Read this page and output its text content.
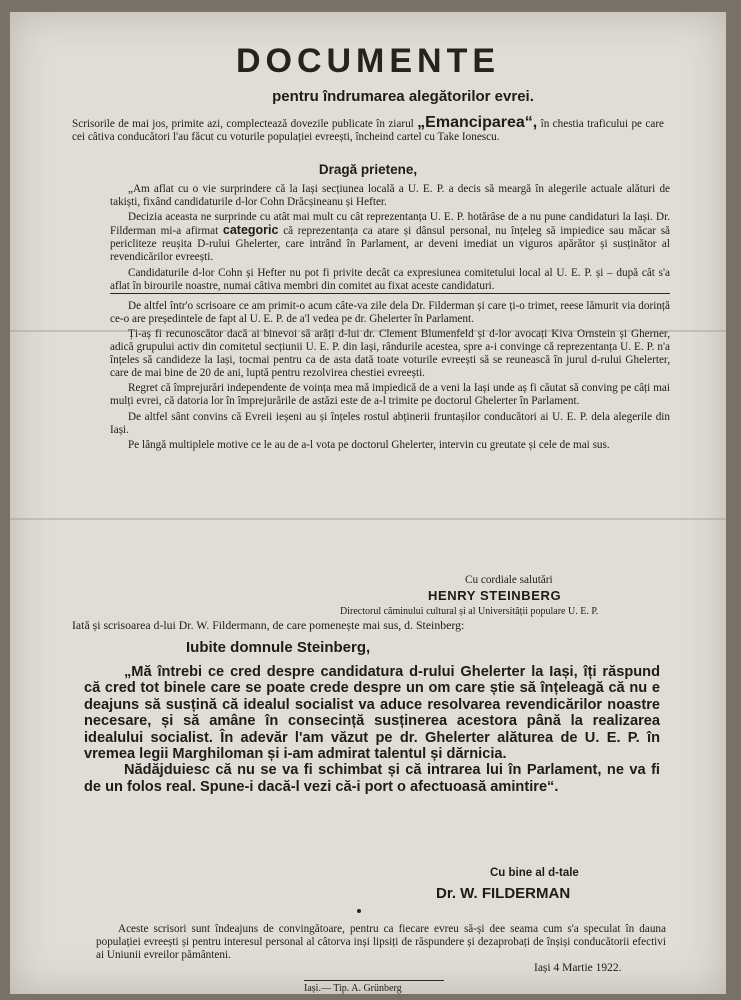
DOCUMENTE
pentru îndrumarea alegătorilor evrei.

Scrisorile de mai jos, primite azi, complectează dovezile publicate în ziarul „Emanciparea“, în chestia traficului pe care cei câtiva conducători l'au făcut cu voturile populației evreești, încheind cartel cu Take Ionescu.

Dragă prietene,

„Am aflat cu o vie surprindere că la Iași secțiunea locală a U. E. P. a decis să meargă în alegerile actuale alături de takiști, fixând candidaturile d-lor Cohn Drăcșineanu și Hefter.

Decizia aceasta ne surprinde cu atât mai mult cu cât reprezentanța U. E. P. hotărâse de a nu pune candidaturi la Iași. Dr. Filderman mi-a afirmat categoric că reprezentanța ca atare și dânsul personal, nu înțeleg să impiedice sau măcar să pericliteze reușita D-rului Ghelerter, care intrând în Parlament, ar deveni imediat un viguros apărător și susținător al revendicărilor evreești.

Candidaturile d-lor Cohn și Hefter nu pot fi privite decât ca expresiunea comitetului local al U. E. P. și – după cât s'a aflat în birourile noastre, numai câtiva membri din comitet au fixat aceste candidaturi.

De altfel într'o scrisoare ce am primit-o acum câte-va zile dela Dr. Filderman și care ți-o trimet, reese lămurit via dorință ce-o are președintele de fapt al U. E. P. de a'l vedea pe dr. Ghelerter în Parlament.

Ți-aș fi recunoscător dacă ai binevoi să arăți d-lui dr. Clement Blumenfeld și d-lor avocați Kiva Ornstein și Gherner, adică grupului activ din comitetul secțiunii U. E. P. din Iași, rândurile acestea, spre a-i convinge că reprezentanța U. E. P. n'a înțeles să candideze la Iași, tocmai pentru ca de asta dată toate voturile evreești să se reunească în jurul d-rului Ghelerter, care de mai bine de 20 de ani, luptă pentru rezolvirea chestiei evreești.

Regret că împrejurări independente de voința mea mă impiedică de a veni la Iași unde aș fi căutat să conving pe câți mai mulți evrei, că datoria lor în împrejurările de astăzi este de a-l trimite pe doctorul Ghelerter în Parlament.

De altfel sânt convins că Evreii ieșeni au și înțeles rostul abținerii fruntașilor conducători ai U. E. P. dela alegerile din Iași.

Pe lângă multiplele motive ce le au de a-l vota pe doctorul Ghelerter, intervin cu greutate și cele de mai sus.

Cu cordiale salutări
HENRY STEINBERG
Directorul căminului cultural și al Universității populare U. E. P.
Iată și scrisoarea d-lui Dr. W. Fildermann, de care pomenește mai sus, d. Steinberg:
Iubite domnule Steinberg,

„Mă întrebi ce cred despre candidatura d-rului Ghelerter la Iași, îți răspund că cred tot binele care se poate crede despre un om care știe să înțeleagă că nu e deajuns să susțină că idealul socialist va aduce resolvarea revendicărilor noastre necesare, și să amâne în consecință susținerea acestora până la realizarea idealului socialist. În adevăr l'am văzut pe dr. Ghelerter alăturea de U. E. P. în vremea legii Marghiloman și i-am admirat talentul și dărnicia.

Nădăjduiesc că nu se va fi schimbat și că intrarea lui în Parlament, ne va fi de un folos real. Spune-i dacă-l vezi că-i port o afectuoasă amintire“.

Cu bine al d-tale
Dr. W. FILDERMAN

Aceste scrisori sunt îndeajuns de convingătoare, pentru ca fiecare evreu să-și dee seama cum s'a speculat în dauna populației evreești și pentru interesul personal al câtorva inși lipsiți de răspundere și dezaprobați de înșiși conducătorii efectivi ai Uniunii evreilor pământeni.

Iași 4 Martie 1922.
Iași.— Tip. A. Grünberg
